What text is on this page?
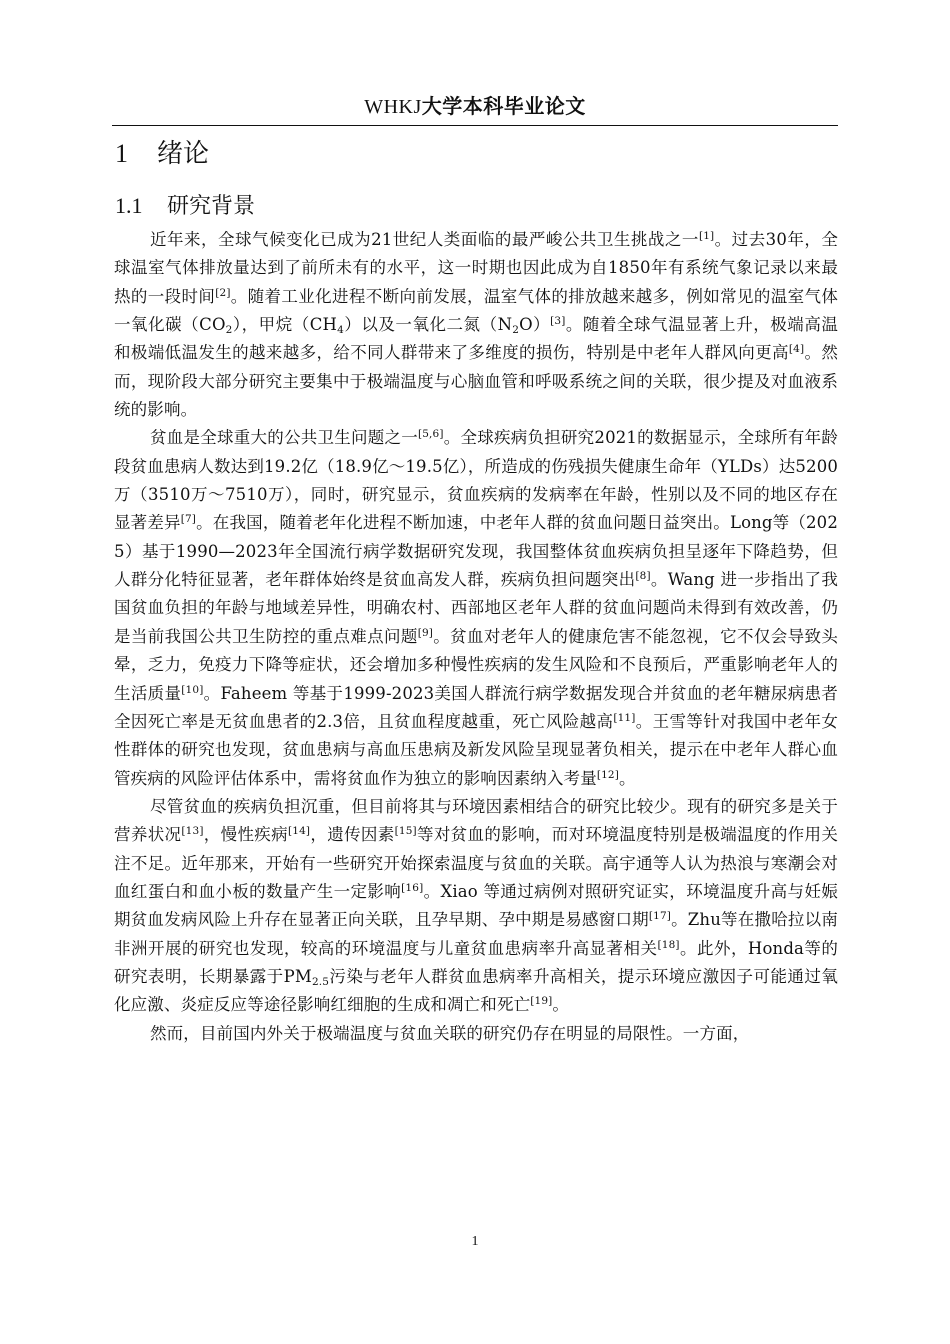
WHKJ大学本科毕业论文
1 绪论
1.1 研究背景

近年来，全球气候变化已成为21世纪人类面临的最严峻公共卫生挑战之一[1]。过去30年，全球温室气体排放量达到了前所未有的水平，这一时期也因此成为自1850年有系统气象记录以来最热的一段时间[2]。随着工业化进程不断向前发展，温室气体的排放越来越多，例如常见的温室气体一氧化碳（CO2），甲烷（CH4）以及一氧化二氮（N2O）[3]。随着全球气温显著上升，极端高温和极端低温发生的越来越多，给不同人群带来了多维度的损伤，特别是中老年人群风向更高[4]。然而，现阶段大部分研究主要集中于极端温度与心脑血管和呼吸系统之间的关联，很少提及对血液系统的影响。

贫血是全球重大的公共卫生问题之一[5,6]。全球疾病负担研究2021的数据显示，全球所有年龄段贫血患病人数达到19.2亿（18.9亿～19.5亿），所造成的伤残损失健康生命年（YLDs）达5200万（3510万～7510万），同时，研究显示，贫血疾病的发病率在年龄，性别以及不同的地区存在显著差异[7]。在我国，随着老年化进程不断加速，中老年人群的贫血问题日益突出。Long等（2025）基于1990—2023年全国流行病学数据研究发现，我国整体贫血疾病负担呈逐年下降趋势，但人群分化特征显著，老年群体始终是贫血高发人群，疾病负担问题突出[8]。Wang 进一步指出了我国贫血负担的年龄与地域差异性，明确农村、西部地区老年人群的贫血问题尚未得到有效改善，仍是当前我国公共卫生防控的重点难点问题[9]。贫血对老年人的健康危害不能忽视，它不仅会导致头晕，乏力，免疫力下降等症状，还会增加多种慢性疾病的发生风险和不良预后，严重影响老年人的生活质量[10]。Faheem 等基于1999-2023美国人群流行病学数据发现合并贫血的老年糖尿病患者全因死亡率是无贫血患者的2.3倍，且贫血程度越重，死亡风险越高[11]。王雪等针对我国中老年女性群体的研究也发现，贫血患病与高血压患病及新发风险呈现显著负相关，提示在中老年人群心血管疾病的风险评估体系中，需将贫血作为独立的影响因素纳入考量[12]。

尽管贫血的疾病负担沉重，但目前将其与环境因素相结合的研究比较少。现有的研究多是关于营养状况[13]，慢性疾病[14]，遗传因素[15]等对贫血的影响，而对环境温度特别是极端温度的作用关注不足。近年那来，开始有一些研究开始探索温度与贫血的关联。高宇通等人认为热浪与寒潮会对血红蛋白和血小板的数量产生一定影响[16]。Xiao 等通过病例对照研究证实，环境温度升高与妊娠期贫血发病风险上升存在显著正向关联，且孕早期、孕中期是易感窗口期[17]。Zhu等在撒哈拉以南非洲开展的研究也发现，较高的环境温度与儿童贫血患病率升高显著相关[18]。此外，Honda等的研究表明，长期暴露于PM2.5污染与老年人群贫血患病率升高相关，提示环境应激因子可能通过氧化应激、炎症反应等途径影响红细胞的生成和凋亡和死亡[19]。

然而，目前国内外关于极端温度与贫血关联的研究仍存在明显的局限性。一方面，

1
